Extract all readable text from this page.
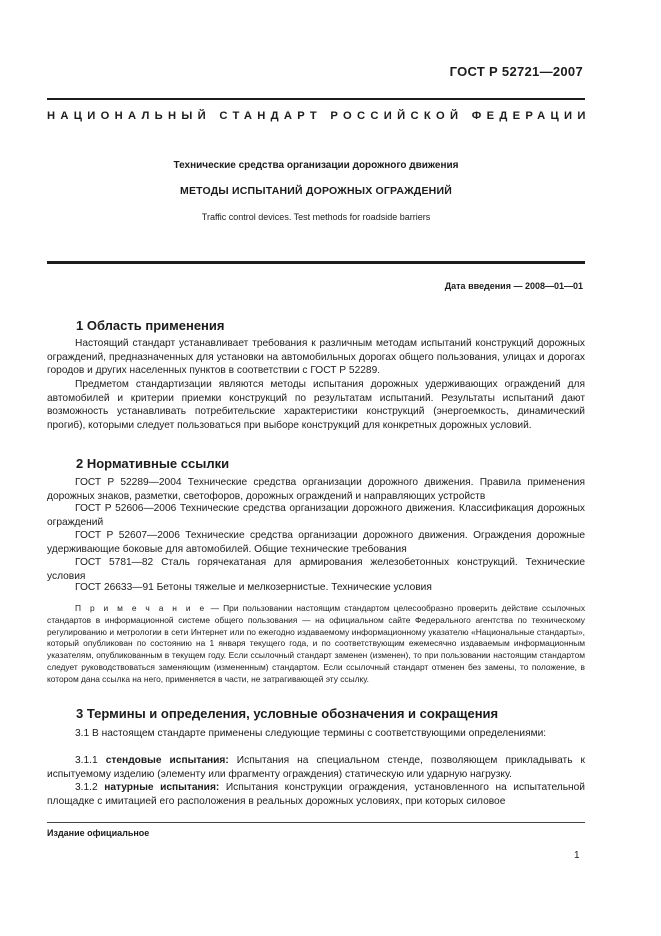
ГОСТ Р 52721—2007
НАЦИОНАЛЬНЫЙ СТАНДАРТ РОССИЙСКОЙ ФЕДЕРАЦИИ
Технические средства организации дорожного движения
МЕТОДЫ ИСПЫТАНИЙ ДОРОЖНЫХ ОГРАЖДЕНИЙ
Traffic control devices. Test methods for roadside barriers
Дата введения — 2008—01—01
1 Область применения
Настоящий стандарт устанавливает требования к различным методам испытаний конструкций дорожных ограждений, предназначенных для установки на автомобильных дорогах общего пользования, улицах и дорогах городов и других населенных пунктов в соответствии с ГОСТ Р 52289.
Предметом стандартизации являются методы испытания дорожных удерживающих ограждений для автомобилей и критерии приемки конструкций по результатам испытаний. Результаты испытаний дают возможность устанавливать потребительские характеристики конструкций (энергоемкость, динамический прогиб), которыми следует пользоваться при выборе конструкций для конкретных дорожных условий.
2 Нормативные ссылки
ГОСТ Р 52289—2004 Технические средства организации дорожного движения. Правила применения дорожных знаков, разметки, светофоров, дорожных ограждений и направляющих устройств
ГОСТ Р 52606—2006 Технические средства организации дорожного движения. Классификация дорожных ограждений
ГОСТ Р 52607—2006 Технические средства организации дорожного движения. Ограждения дорожные удерживающие боковые для автомобилей. Общие технические требования
ГОСТ 5781—82 Сталь горячекатаная для армирования железобетонных конструкций. Технические условия
ГОСТ 26633—91 Бетоны тяжелые и мелкозернистые. Технические условия
П р и м е ч а н и е — При пользовании настоящим стандартом целесообразно проверить действие ссылочных стандартов в информационной системе общего пользования — на официальном сайте Федерального агентства по техническому регулированию и метрологии в сети Интернет или по ежегодно издаваемому информационному указателю «Национальные стандарты», который опубликован по состоянию на 1 января текущего года, и по соответствующим ежемесячно издаваемым информационным указателям, опубликованным в текущем году. Если ссылочный стандарт заменен (изменен), то при пользовании настоящим стандартом следует руководствоваться заменяющим (измененным) стандартом. Если ссылочный стандарт отменен без замены, то положение, в котором дана ссылка на него, применяется в части, не затрагивающей эту ссылку.
3 Термины и определения, условные обозначения и сокращения
3.1 В настоящем стандарте применены следующие термины с соответствующими определениями:
3.1.1 стендовые испытания: Испытания на специальном стенде, позволяющем прикладывать к испытуемому изделию (элементу или фрагменту ограждения) статическую или ударную нагрузку.
3.1.2 натурные испытания: Испытания конструкции ограждения, установленного на испытательной площадке с имитацией его расположения в реальных дорожных условиях, при которых силовое
Издание официальное
1
